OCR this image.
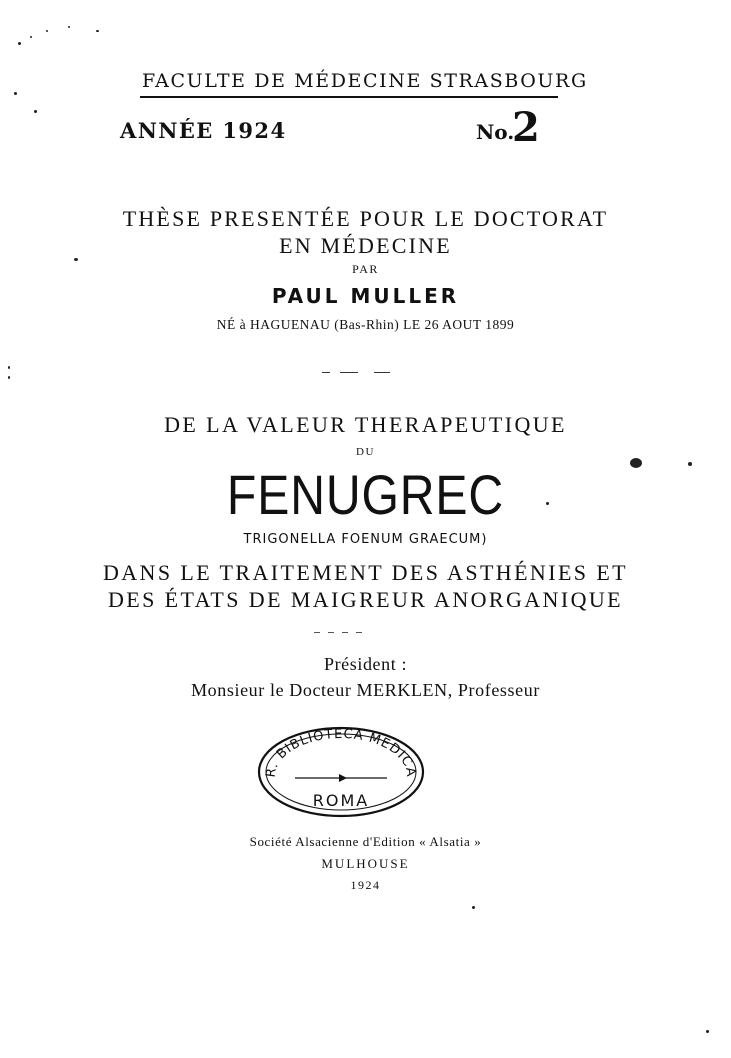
FACULTE DE MÉDECINE STRASBOURG
ANNÉE 1924	No.
2
THÈSE PRESENTÉE POUR LE DOCTORAT
EN MÉDECINE
PAR
PAUL MULLER
NÉ à HAGUENAU (Bas-Rhin) LE 26 AOUT 1899
DE LA VALEUR THERAPEUTIQUE
DU
FENUGREC
TRIGONELLA FOENUM GRAECUM)
DANS LE TRAITEMENT DES ASTHÉNIES ET
DES ÉTATS DE MAIGREUR ANORGANIQUE
Président :
Monsieur le Docteur MERKLEN, Professeur
R. BIBLIOTECA MEDICA
ROMA
Société Alsacienne d'Edition « Alsatia »
MULHOUSE
1924
